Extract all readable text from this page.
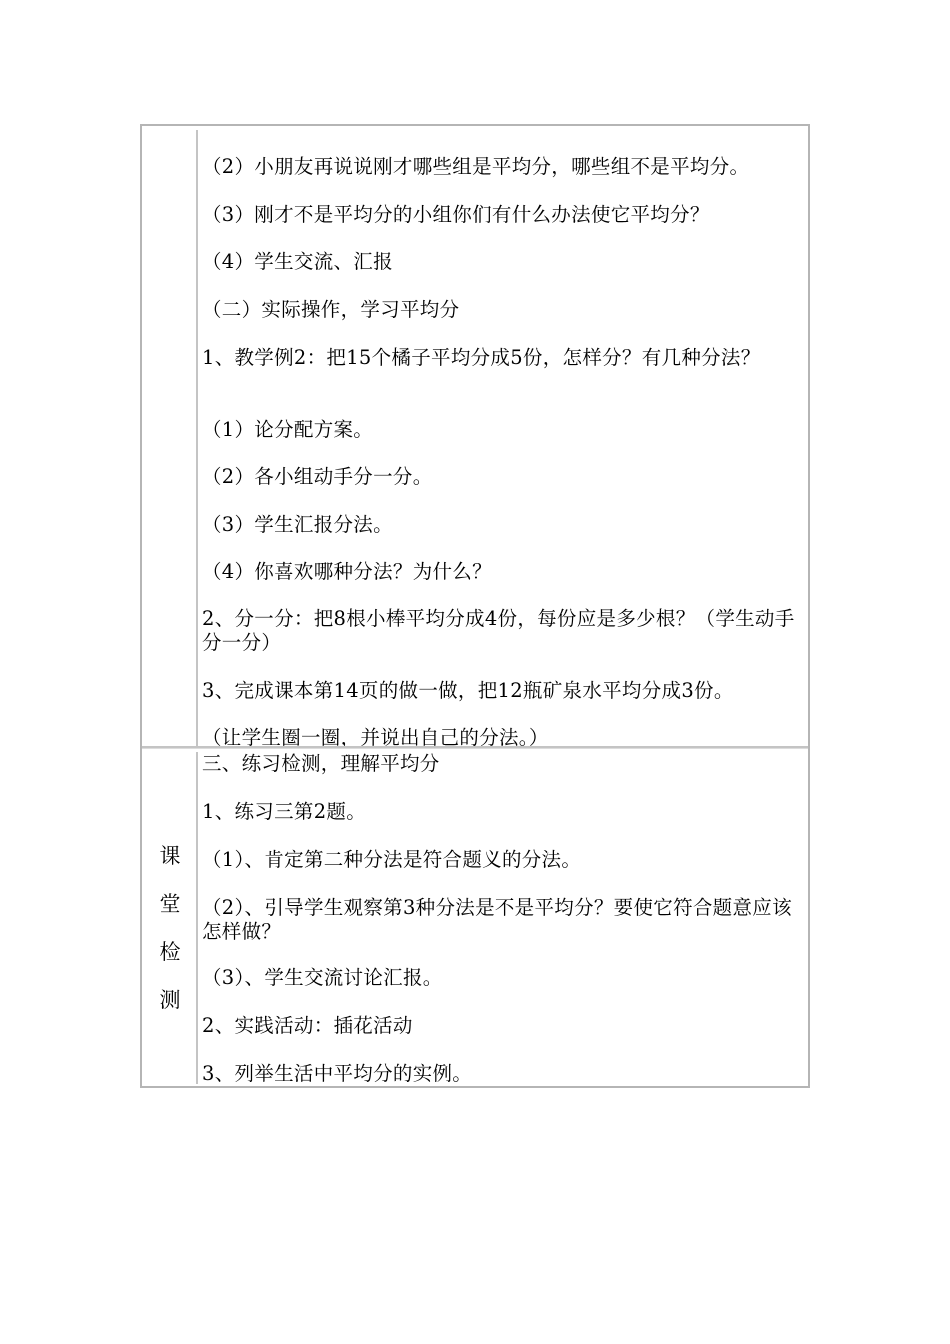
（2）小朋友再说说刚才哪些组是平均分，哪些组不是平均分。

（3）刚才不是平均分的小组你们有什么办法使它平均分？

（4）学生交流、汇报

（二）实际操作，学习平均分

1、教学例2：把15个橘子平均分成5份，怎样分？有几种分法？

（1）论分配方案。

（2）各小组动手分一分。

（3）学生汇报分法。

（4）你喜欢哪种分法？为什么？

2、分一分：把8根小棒平均分成4份，每份应是多少根？（学生动手分一分）

3、完成课本第14页的做一做，把12瓶矿泉水平均分成3份。

（让学生圈一圈，并说出自己的分法。）

课
堂
检
测

三、练习检测，理解平均分

1、练习三第2题。

（1）、肯定第二种分法是符合题义的分法。

（2）、引导学生观察第3种分法是不是平均分？要使它符合题意应该怎样做？

（3）、学生交流讨论汇报。

2、实践活动：插花活动

3、列举生活中平均分的实例。
